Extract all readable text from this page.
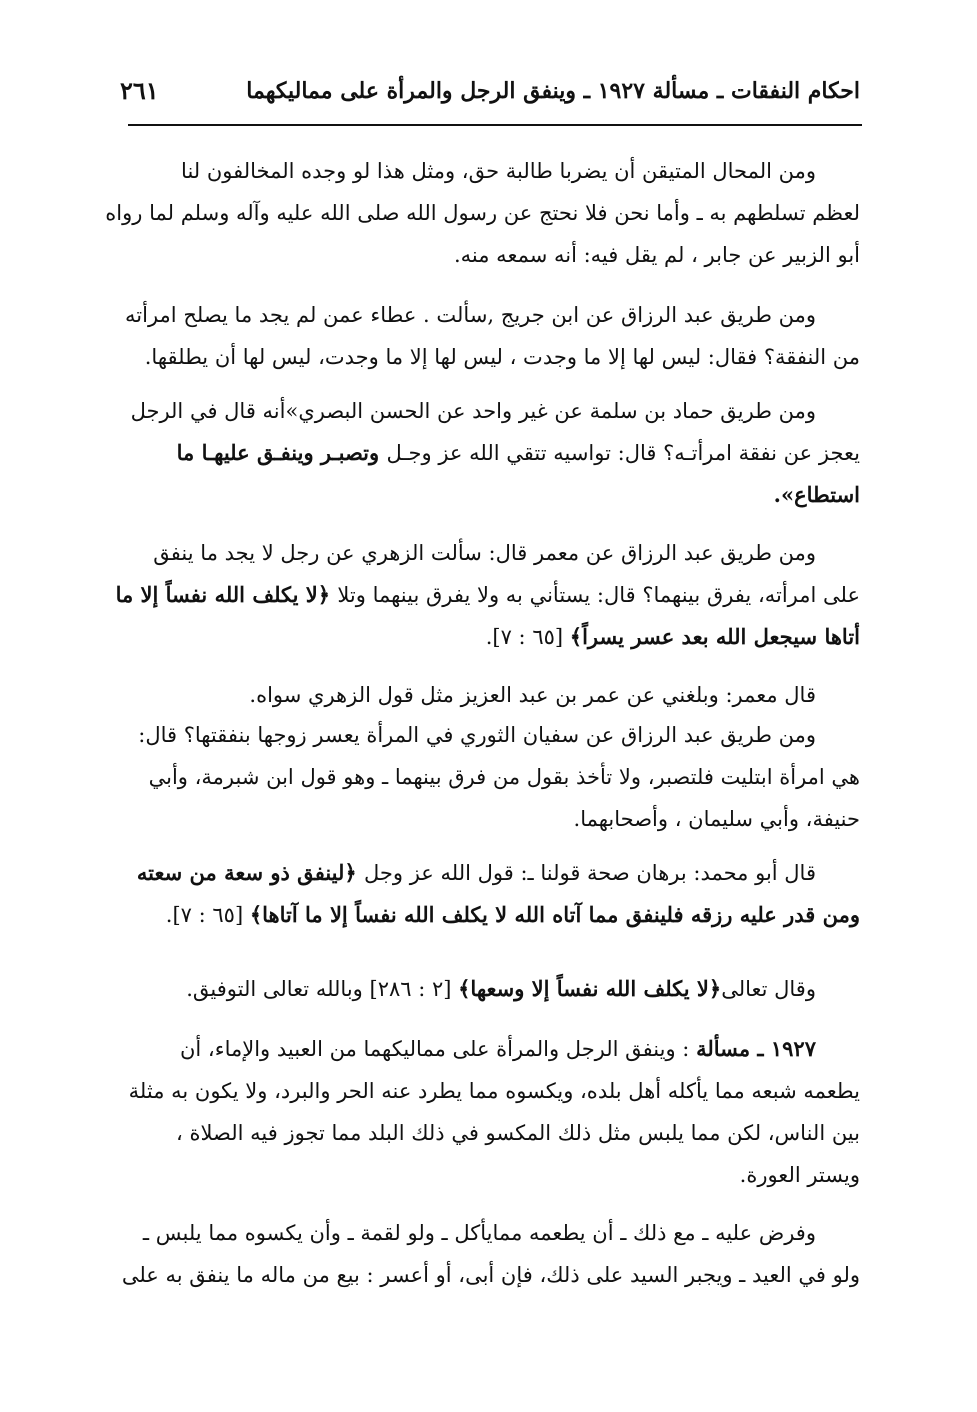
احكام النفقات ـ مسألة ١٩٢٧ ـ وينفق الرجل والمرأة على مماليكهما
٢٦١
ومن المحال المتيقن أن يضربا طالبة حق، ومثل هذا لو وجده المخالفون لنا
لعظم تسلطهم به ـ وأما نحن فلا نحتج عن رسول الله صلى الله عليه وآله وسلم لما رواه
أبو الزبير عن جابر ، لم يقل فيه: أنه سمعه منه.
ومن طريق عبد الرزاق عن ابن جريج ,سألت . عطاء عمن لم يجد ما يصلح امرأته
من النفقة؟ فقال: ليس لها إلا ما وجدت ، ليس لها إلا ما وجدت، ليس لها أن يطلقها.
ومن طريق حماد بن سلمة عن غير واحد عن الحسن البصري»أنه قال في الرجل
يعجز عن نفقة امرأتـه؟ قال: تواسيه تتقي الله عز وجـل وتصبـر وينفـق عليهـا ما
استطاع».
ومن طريق عبد الرزاق عن معمر قال: سألت الزهري عن رجل لا يجد ما ينفق
على امرأته، يفرق بينهما؟ قال: يستأني به ولا يفرق بينهما وتلا ﴿لا يكلف الله نفساً إلا ما
أتاها سيجعل الله بعد عسر يسراً﴾ [٦٥ : ٧].
قال معمر: وبلغني عن عمر بن عبد العزيز مثل قول الزهري سواه.
ومن طريق عبد الرزاق عن سفيان الثوري في المرأة يعسر زوجها بنفقتها؟ قال:
هي امرأة ابتليت فلتصبر، ولا تأخذ بقول من فرق بينهما ـ وهو قول ابن شبرمة، وأبي
حنيفة، وأبي سليمان ، وأصحابهما.
قال أبو محمد: برهان صحة قولنا ـ: قول الله عز وجل ﴿لينفق ذو سعة من سعته
ومن قدر عليه رزقه فلينفق مما آتاه الله لا يكلف الله نفساً إلا ما آتاها﴾ [٦٥ : ٧].
وقال تعالى﴿لا يكلف الله نفساً إلا وسعها﴾ [٢ : ٢٨٦] وبالله تعالى التوفيق.
١٩٢٧ ـ مسألة : وينفق الرجل والمرأة على مماليكهما من العبيد والإماء، أن
يطعمه شبعه مما يأكله أهل بلده، ويكسوه مما يطرد عنه الحر والبرد، ولا يكون به مثلة
بين الناس، لكن مما يلبس مثل ذلك المكسو في ذلك البلد مما تجوز فيه الصلاة ،
ويستر العورة.
وفرض عليه ـ مع ذلك ـ أن يطعمه ممايأكل ـ ولو لقمة ـ وأن يكسوه مما يلبس ـ
ولو في العيد ـ ويجبر السيد على ذلك، فإن أبى، أو أعسر : بيع من ماله ما ينفق به على
